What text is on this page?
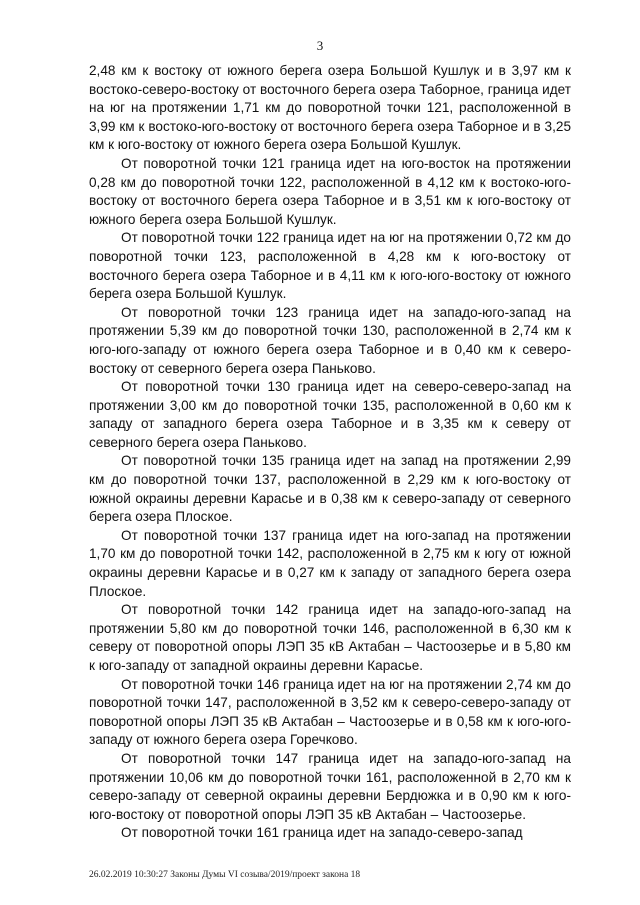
3

2,48 км к востоку от южного берега озера Большой Кушлук и в 3,97 км к востоко-северо-востоку от восточного берега озера Таборное, граница идет на юг на протяжении 1,71 км до поворотной точки 121, расположенной в 3,99 км к востоко-юго-востоку от восточного берега озера Таборное и в 3,25 км к юго-востоку от южного берега озера Большой Кушлук.

От поворотной точки 121 граница идет на юго-восток на протяжении 0,28 км до поворотной точки 122, расположенной в 4,12 км к востоко-юго-востоку от восточного берега озера Таборное и в 3,51 км к юго-востоку от южного берега озера Большой Кушлук.

От поворотной точки 122 граница идет на юг на протяжении 0,72 км до поворотной точки 123, расположенной в 4,28 км к юго-востоку от восточного берега озера Таборное и в 4,11 км к юго-юго-востоку от южного берега озера Большой Кушлук.

От поворотной точки 123 граница идет на западо-юго-запад на протяжении 5,39 км до поворотной точки 130, расположенной в 2,74 км к юго-юго-западу от южного берега озера Таборное и в 0,40 км к северо-востоку от северного берега озера Паньково.

От поворотной точки 130 граница идет на северо-северо-запад на протяжении 3,00 км до поворотной точки 135, расположенной в 0,60 км к западу от западного берега озера Таборное и в 3,35 км к северу от северного берега озера Паньково.

От поворотной точки 135 граница идет на запад на протяжении 2,99 км до поворотной точки 137, расположенной в 2,29 км к юго-востоку от южной окраины деревни Карасье и в 0,38 км к северо-западу от северного берега озера Плоское.

От поворотной точки 137 граница идет на юго-запад на протяжении 1,70 км до поворотной точки 142, расположенной в 2,75 км к югу от южной окраины деревни Карасье и в 0,27 км к западу от западного берега озера Плоское.

От поворотной точки 142 граница идет на западо-юго-запад на протяжении 5,80 км до поворотной точки 146, расположенной в 6,30 км к северу от поворотной опоры ЛЭП 35 кВ Актабан – Частоозерье и в 5,80 км к юго-западу от западной окраины деревни Карасье.

От поворотной точки 146 граница идет на юг на протяжении 2,74 км до поворотной точки 147, расположенной в 3,52 км к северо-северо-западу от поворотной опоры ЛЭП 35 кВ Актабан – Частоозерье и в 0,58 км к юго-юго-западу от южного берега озера Горечково.

От поворотной точки 147 граница идет на западо-юго-запад на протяжении 10,06 км до поворотной точки 161, расположенной в 2,70 км к северо-западу от северной окраины деревни Бердюжка и в 0,90 км к юго-юго-востоку от поворотной опоры ЛЭП 35 кВ Актабан – Частоозерье.

От поворотной точки 161 граница идет на западо-северо-запад

26.02.2019 10:30:27 Законы Думы VI созыва/2019/проект закона 18
